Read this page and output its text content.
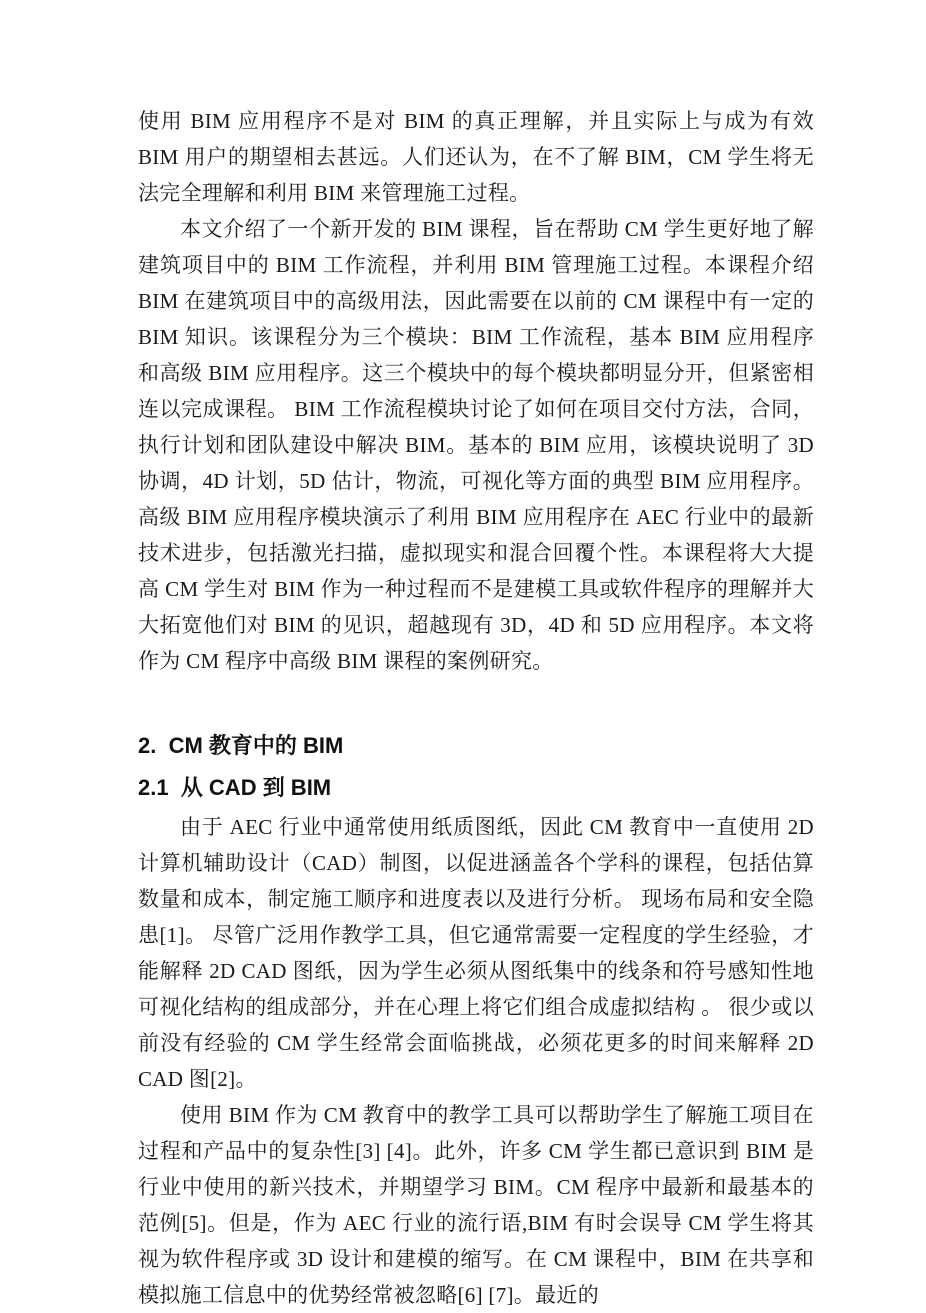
使用 BIM 应用程序不是对 BIM 的真正理解，并且实际上与成为有效 BIM 用户的期望相去甚远。人们还认为，在不了解 BIM，CM 学生将无法完全理解和利用 BIM 来管理施工过程。

本文介绍了一个新开发的 BIM 课程，旨在帮助 CM 学生更好地了解建筑项目中的 BIM 工作流程，并利用 BIM 管理施工过程。本课程介绍 BIM 在建筑项目中的高级用法，因此需要在以前的 CM 课程中有一定的 BIM 知识。该课程分为三个模块：BIM 工作流程，基本 BIM 应用程序和高级 BIM 应用程序。这三个模块中的每个模块都明显分开，但紧密相连以完成课程。 BIM 工作流程模块讨论了如何在项目交付方法，合同，执行计划和团队建设中解决 BIM。基本的 BIM 应用，该模块说明了 3D 协调，4D 计划，5D 估计，物流，可视化等方面的典型 BIM 应用程序。高级 BIM 应用程序模块演示了利用 BIM 应用程序在 AEC 行业中的最新技术进步，包括激光扫描，虚拟现实和混合回覆个性。本课程将大大提高 CM 学生对 BIM 作为一种过程而不是建模工具或软件程序的理解并大大拓宽他们对 BIM 的见识，超越现有 3D，4D 和 5D 应用程序。本文将作为 CM 程序中高级 BIM 课程的案例研究。

2.  CM 教育中的 BIM
2.1  从 CAD 到 BIM

由于 AEC 行业中通常使用纸质图纸，因此 CM 教育中一直使用 2D 计算机辅助设计（CAD）制图，以促进涵盖各个学科的课程，包括估算数量和成本，制定施工顺序和进度表以及进行分析。 现场布局和安全隐患[1]。 尽管广泛用作教学工具，但它通常需要一定程度的学生经验，才能解释 2D CAD 图纸，因为学生必须从图纸集中的线条和符号感知性地可视化结构的组成部分，并在心理上将它们组合成虚拟结构 。 很少或以前没有经验的 CM 学生经常会面临挑战，必须花更多的时间来解释 2D CAD 图[2]。

使用 BIM 作为 CM 教育中的教学工具可以帮助学生了解施工项目在过程和产品中的复杂性[3] [4]。此外，许多 CM 学生都已意识到 BIM 是行业中使用的新兴技术，并期望学习 BIM。CM 程序中最新和最基本的范例[5]。但是，作为 AEC 行业的流行语,BIM 有时会误导 CM 学生将其视为软件程序或 3D 设计和建模的缩写。在 CM 课程中，BIM 在共享和模拟施工信息中的优势经常被忽略[6] [7]。最近的
